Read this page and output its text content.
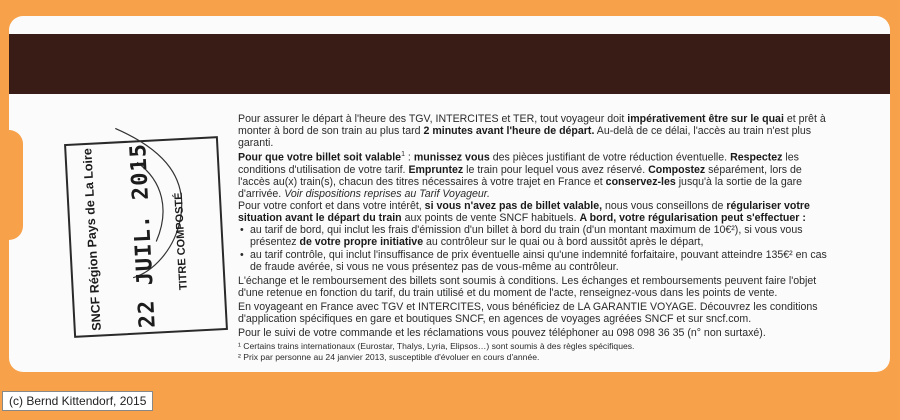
SNCF Région Pays de La Loire 22 JUIL. 2015 TITRE COMPOSTÉ

Pour assurer le départ à l'heure des TGV, INTERCITES et TER, tout voyageur doit impérativement être sur le quai et prêt à monter à bord de son train au plus tard 2 minutes avant l'heure de départ. Au-delà de ce délai, l'accès au train n'est plus garanti.

Pour que votre billet soit valable$^1$ : munissez vous des pièces justifiant de votre réduction éventuelle. Respectez les conditions d'utilisation de votre tarif. Empruntez le train pour lequel vous avez réservé. Compostez séparément, lors de l'accès au(x) train(s), chacun des titres nécessaires à votre trajet en France et conservez-les jusqu'à la sortie de la gare d'arrivée. Voir dispositions reprises au Tarif Voyageur.

Pour votre confort et dans votre intérêt, si vous n'avez pas de billet valable, nous vous conseillons de régulariser votre situation avant le départ du train aux points de vente SNCF habituels. A bord, votre régularisation peut s'effectuer :

• au tarif de bord, qui inclut les frais d'émission d'un billet à bord du train (d'un montant maximum de 10€²), si vous vous présentez de votre propre initiative au contrôleur sur le quai ou à bord aussitôt après le départ,
• au tarif contrôle, qui inclut l'insuffisance de prix éventuelle ainsi qu'une indemnité forfaitaire, pouvant atteindre 135€² en cas de fraude avérée, si vous ne vous présentez pas de vous-même au contrôleur.

L'échange et le remboursement des billets sont soumis à conditions. Les échanges et remboursements peuvent faire l'objet d'une retenue en fonction du tarif, du train utilisé et du moment de l'acte, renseignez-vous dans les points de vente.

En voyageant en France avec TGV et INTERCITES, vous bénéficiez de LA GARANTIE VOYAGE. Découvrez les conditions d'application spécifiques en gare et boutiques SNCF, en agences de voyages agréées SNCF et sur sncf.com.

Pour le suivi de votre commande et les réclamations vous pouvez téléphoner au 098 098 36 35 (n° non surtaxé).

¹ Certains trains internationaux (Eurostar, Thalys, Lyria, Elipsos…) sont soumis à des règles spécifiques.

² Prix par personne au 24 janvier 2013, susceptible d'évoluer en cours d'année.

(c) Bernd Kittendorf, 2015
